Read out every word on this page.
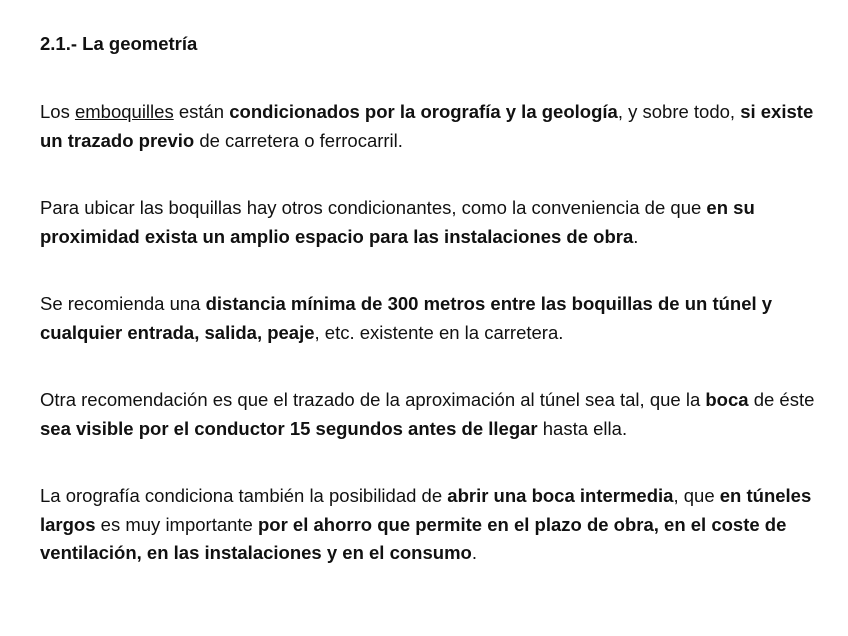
2.1.- La geometría

Los emboquilles están condicionados por la orografía y la geología, y sobre todo, si existe un trazado previo de carretera o ferrocarril.

Para ubicar las boquillas hay otros condicionantes, como la conveniencia de que en su proximidad exista un amplio espacio para las instalaciones de obra.

Se recomienda una distancia mínima de 300 metros entre las boquillas de un túnel y cualquier entrada, salida, peaje, etc. existente en la carretera.

Otra recomendación es que el trazado de la aproximación al túnel sea tal, que la boca de éste sea visible por el conductor 15 segundos antes de llegar hasta ella.

La orografía condiciona también la posibilidad de abrir una boca intermedia, que en túneles largos es muy importante por el ahorro que permite en el plazo de obra, en el coste de ventilación, en las instalaciones y en el consumo.
